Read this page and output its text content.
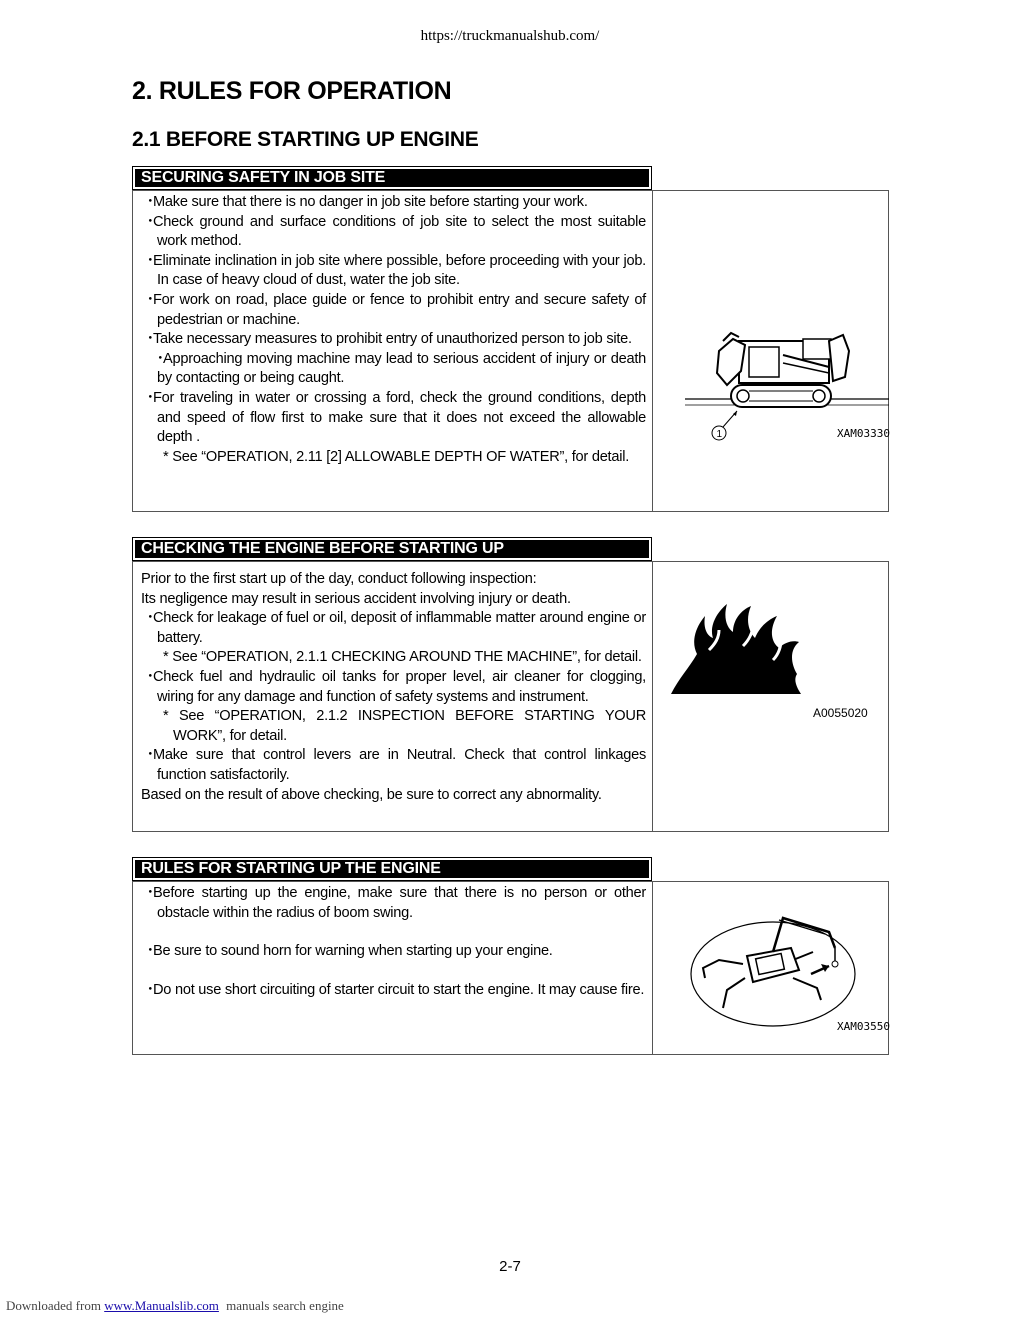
https://truckmanualshub.com/
2. RULES FOR OPERATION
2.1 BEFORE STARTING UP ENGINE
SECURING SAFETY IN JOB SITE
・ Make sure that there is no danger in job site before starting your work.
・ Check ground and surface conditions of job site to select the most suitable work method.
・ Eliminate inclination in job site where possible, before proceeding with your job. In case of heavy cloud of dust, water the job site.
・ For work on road, place guide or fence to prohibit entry and secure safety of pedestrian or machine.
・ Take necessary measures to prohibit entry of unauthorized person to job site.
・ Approaching moving machine may lead to serious accident of injury or death by contacting or being caught.
・ For traveling in water or crossing a ford, check the ground conditions, depth and speed of flow first to make sure that it does not exceed the allowable depth .
* See “OPERATION, 2.11 [2] ALLOWABLE DEPTH OF WATER”, for detail.
1	XAM03330
CHECKING THE ENGINE BEFORE STARTING UP
Prior to the first start up of the day, conduct following inspection:
Its negligence may result in serious accident involving injury or death.
・ Check for leakage of fuel or oil, deposit of inflammable matter around engine or battery.
* See “OPERATION, 2.1.1 CHECKING AROUND THE MACHINE”, for detail.
・ Check fuel and hydraulic oil tanks for proper level, air cleaner for clogging, wiring for any damage and function of safety systems and instrument.
* See “OPERATION, 2.1.2 INSPECTION BEFORE STARTING YOUR WORK”, for detail.
・ Make sure that control levers are in Neutral. Check that control linkages function satisfactorily.
Based on the result of above checking, be sure to correct any abnormality.
A0055020
RULES FOR STARTING UP THE ENGINE
・ Before starting up the engine, make sure that there is no person or other obstacle within the radius of boom swing.
・ Be sure to sound horn for warning when starting up your engine.
・ Do not use short circuiting of starter circuit to start the engine. It may cause fire.
XAM03550
2-7
Downloaded from www.Manualslib.com manuals search engine
